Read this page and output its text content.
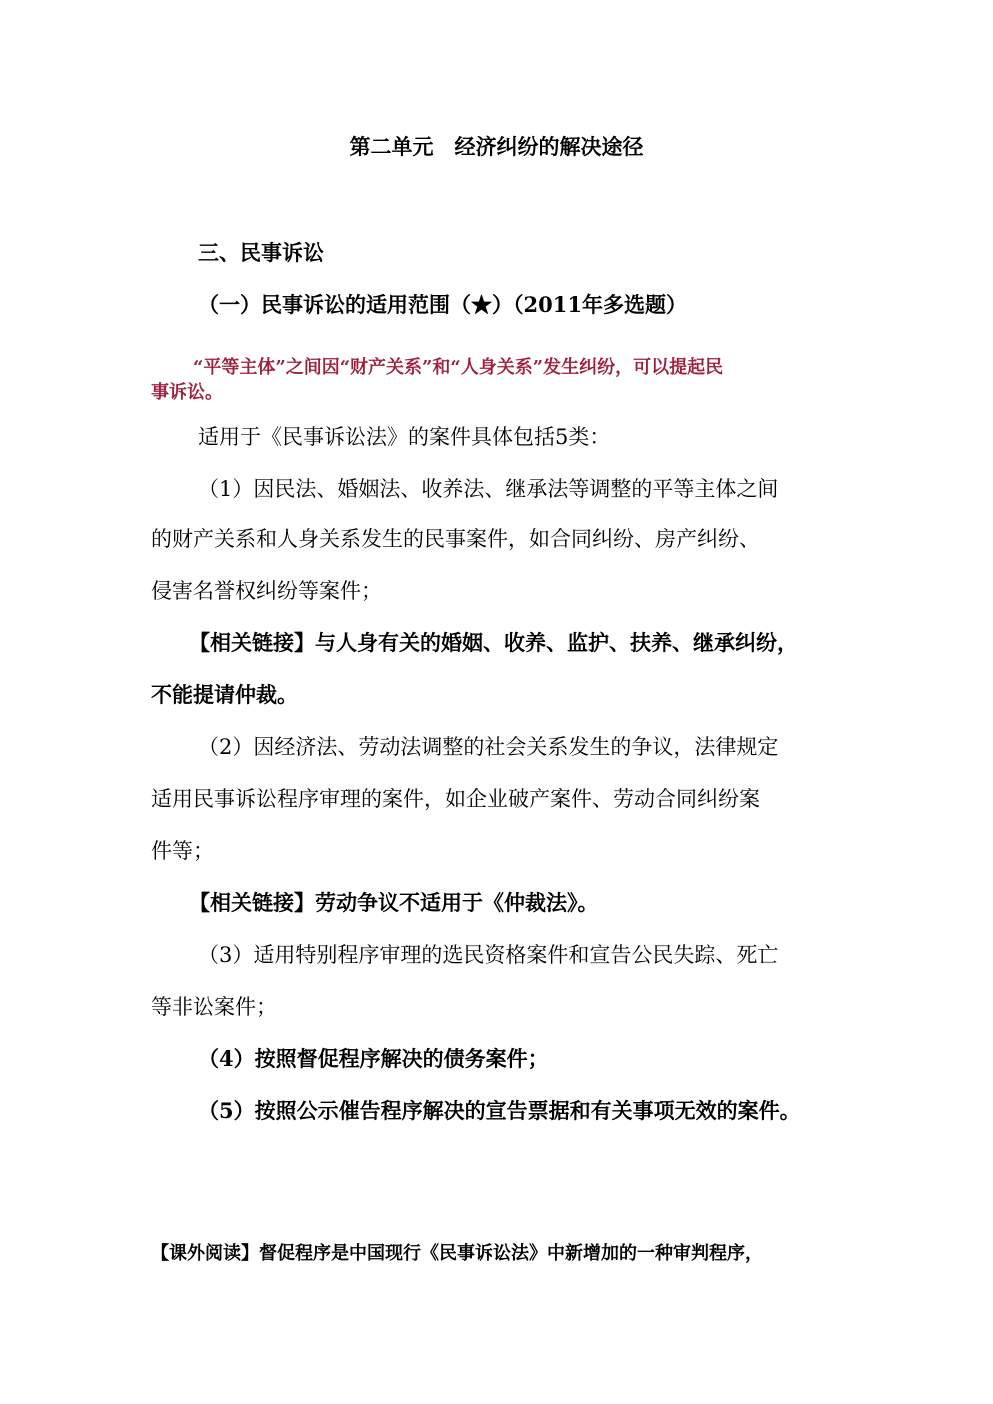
第二单元　经济纠纷的解决途径
三、民事诉讼
（一）民事诉讼的适用范围（★）（2011年多选题）
“平等主体”之间因“财产关系”和“人身关系”发生纠纷，可以提起民
事诉讼。
适用于《民事诉讼法》的案件具体包括5类：
（1）因民法、婚姻法、收养法、继承法等调整的平等主体之间
的财产关系和人身关系发生的民事案件，如合同纠纷、房产纠纷、
侵害名誉权纠纷等案件；
【相关链接】与人身有关的婚姻、收养、监护、扶养、继承纠纷，
不能提请仲裁。
（2）因经济法、劳动法调整的社会关系发生的争议，法律规定
适用民事诉讼程序审理的案件，如企业破产案件、劳动合同纠纷案
件等；
【相关链接】劳动争议不适用于《仲裁法》。
（3）适用特别程序审理的选民资格案件和宣告公民失踪、死亡
等非讼案件；
（4）按照督促程序解决的债务案件；
（5）按照公示催告程序解决的宣告票据和有关事项无效的案件。
【课外阅读】督促程序是中国现行《民事诉讼法》中新增加的一种审判程序，
